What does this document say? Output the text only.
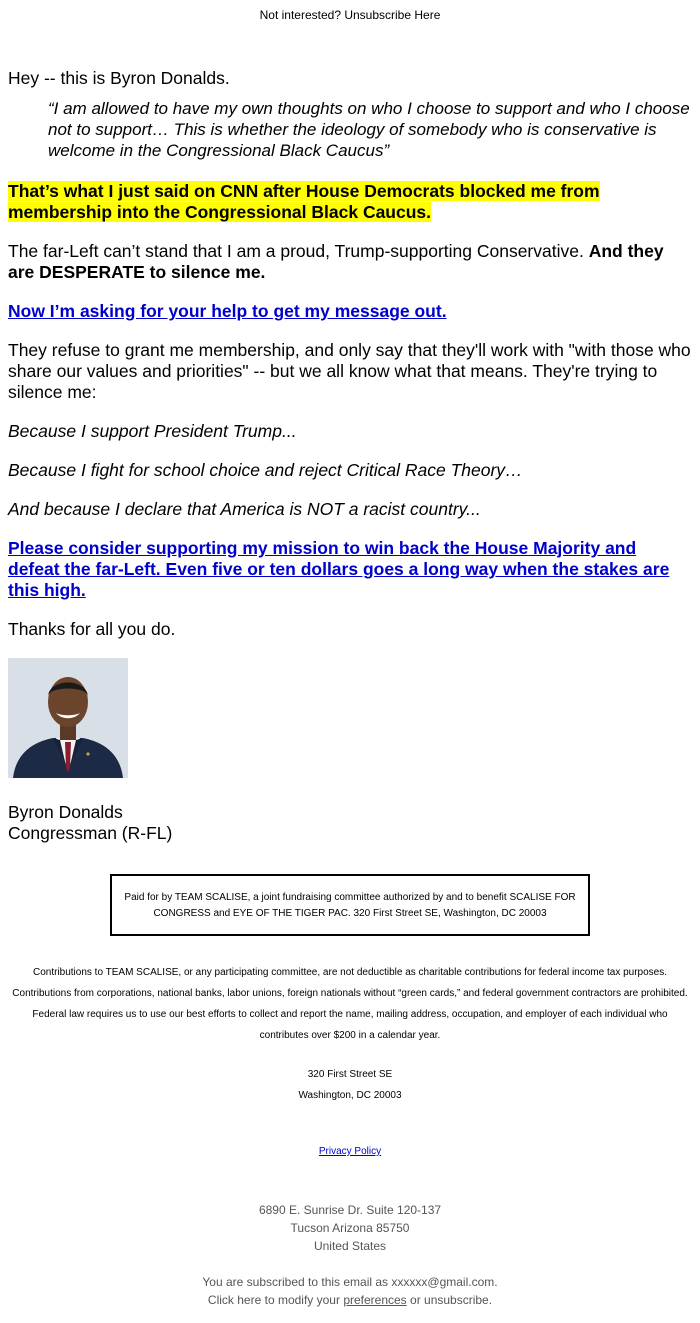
Not interested? Unsubscribe Here

Hey -- this is Byron Donalds.

“I am allowed to have my own thoughts on who I choose to support and who I choose not to support… This is whether the ideology of somebody who is conservative is welcome in the Congressional Black Caucus”

That’s what I just said on CNN after House Democrats blocked me from membership into the Congressional Black Caucus.

The far-Left can’t stand that I am a proud, Trump-supporting Conservative. And they are DESPERATE to silence me.

Now I’m asking for your help to get my message out.

They refuse to grant me membership, and only say that they'll work with "with those who share our values and priorities" -- but we all know what that means. They're trying to silence me:

Because I support President Trump...

Because I fight for school choice and reject Critical Race Theory…

And because I declare that America is NOT a racist country...

Please consider supporting my mission to win back the House Majority and defeat the far-Left. Even five or ten dollars goes a long way when the stakes are this high.

Thanks for all you do.

Byron Donalds

Congressman (R-FL)

Paid for by TEAM SCALISE, a joint fundraising committee authorized by and to benefit SCALISE FOR CONGRESS and EYE OF THE TIGER PAC. 320 First Street SE, Washington, DC 20003
Contributions to TEAM SCALISE, or any participating committee, are not deductible as charitable contributions for federal income tax purposes. Contributions from corporations, national banks, labor unions, foreign nationals without “green cards,” and federal government contractors are prohibited. Federal law requires us to use our best efforts to collect and report the name, mailing address, occupation, and employer of each individual who contributes over $200 in a calendar year.
320 First Street SE
Washington, DC 20003
Privacy Policy
6890 E. Sunrise Dr. Suite 120-137
Tucson Arizona 85750
United States
You are subscribed to this email as xxxxxx@gmail.com.
Click here to modify your preferences or unsubscribe.
